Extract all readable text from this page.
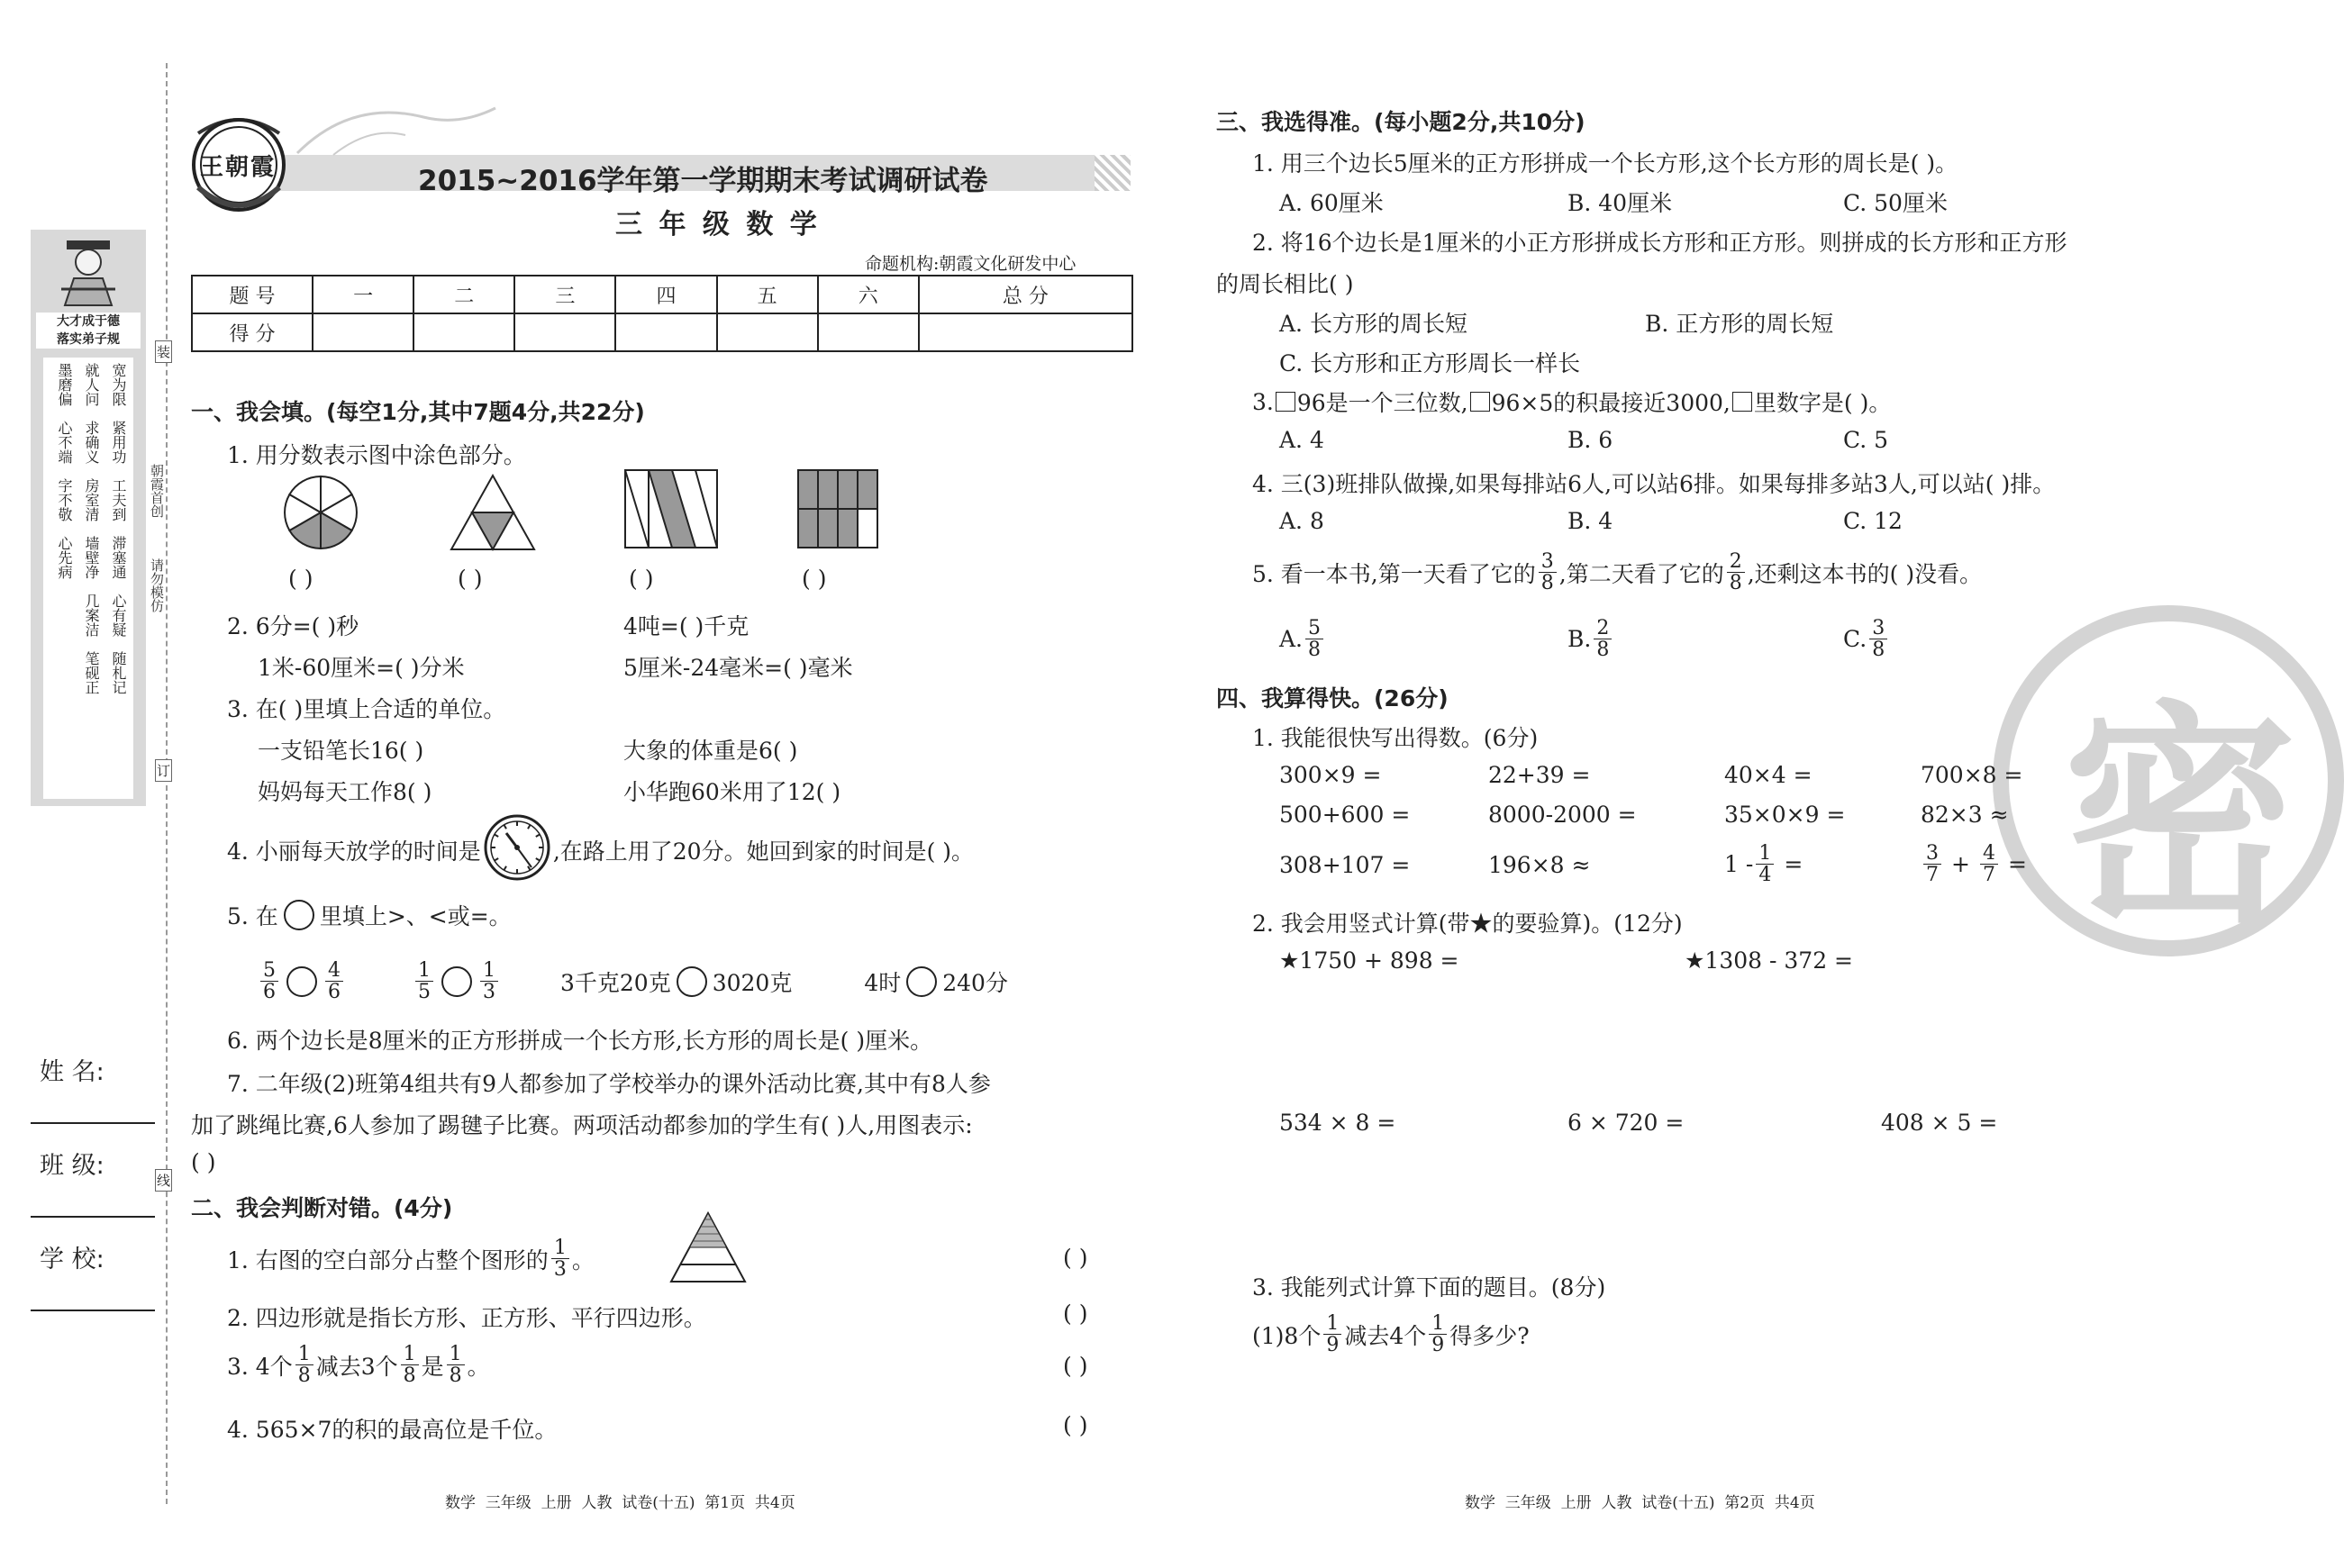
大才成于德
落实弟子规
宽为限
紧用功
工夫到
滞塞通
心有疑
随札记
就人问
求确义
房室清
墙壁净
几案洁
笔砚正
墨磨偏
心不端
字不敬
心先病
朝霞首创
请勿模仿
装
订
线
姓 名:
班 级:
学 校:
王朝霞	2015~2016学年第一学期期末考试调研试卷
三 年 级 数 学
命题机构:朝霞文化研发中心
题 号	一	二	三	四	五	六	总 分
得 分							
一、我会填。(每空1分,其中7题4分,共22分)
1. 用分数表示图中涂色部分。
( )	( )	( )	( )
2. 6分=( )秒	4吨=( )千克
1米-60厘米=( )分米	5厘米-24毫米=( )毫米
3. 在( )里填上合适的单位。
一支铅笔长16( )	大象的体重是6( )
妈妈每天工作8( )	小华跑60米用了12( )
4. 小丽每天放学的时间是	,在路上用了20分。她回到家的时间是( )。
5. 在 里填上>、<或=。
$\frac{5}{6} \frac{4}{6}$	$\frac{1}{5} \frac{1}{3}$	3千克20克 3020克	4时 240分
6. 两个边长是8厘米的正方形拼成一个长方形,长方形的周长是( )厘米。
7. 二年级(2)班第4组共有9人都参加了学校举办的课外活动比赛,其中有8人参
加了跳绳比赛,6人参加了踢毽子比赛。两项活动都参加的学生有( )人,用图表示:
( )
二、我会判断对错。(4分)
1. 右图的空白部分占整个图形的 $\frac{1}{3}$ 。	( )
2. 四边形就是指长方形、正方形、平行四边形。	( )
3. 4个 $\frac{1}{8}$ 减去3个 $\frac{1}{8}$ 是 $\frac{1}{8}$ 。	( )
4. 565×7的积的最高位是千位。	( )
数学  三年级  上册  人教  试卷(十五)  第1页  共4页
密
三、我选得准。(每小题2分,共10分)
1. 用三个边长5厘米的正方形拼成一个长方形,这个长方形的周长是( )。
A. 60厘米	B. 40厘米	C. 50厘米
2. 将16个边长是1厘米的小正方形拼成长方形和正方形。则拼成的长方形和正方形
的周长相比( )
A. 长方形的周长短	B. 正方形的周长短
C. 长方形和正方形周长一样长
3. 96是一个三位数, 96×5的积最接近3000, 里数字是( )。
A. 4	B. 6	C. 5
4. 三(3)班排队做操,如果每排站6人,可以站6排。如果每排多站3人,可以站( )排。
A. 8	B. 4	C. 12
5. 看一本书,第一天看了它的 $\frac{3}{8}$ ,第二天看了它的 $\frac{2}{8}$ ,还剩这本书的( )没看。
A. $\frac{5}{8}$	B. $\frac{2}{8}$	C. $\frac{3}{8}$
四、我算得快。(26分)
1. 我能很快写出得数。(6分)
300×9 =	22+39 =	40×4 =	700×8 =
500+600 =	8000-2000 =	35×0×9 =	82×3 ≈
308+107 =	196×8 ≈	$1 - \frac{1}{4}$ =	$\frac{3}{7} + \frac{4}{7}$ =
2. 我会用竖式计算(带★的要验算)。(12分)
★1750 + 898 =	★1308 - 372 =
534 × 8 =	6 × 720 =	408 × 5 =
3. 我能列式计算下面的题目。(8分)
(1)8个 $\frac{1}{9}$ 减去4个 $\frac{1}{9}$ 得多少?
数学  三年级  上册  人教  试卷(十五)  第2页  共4页
